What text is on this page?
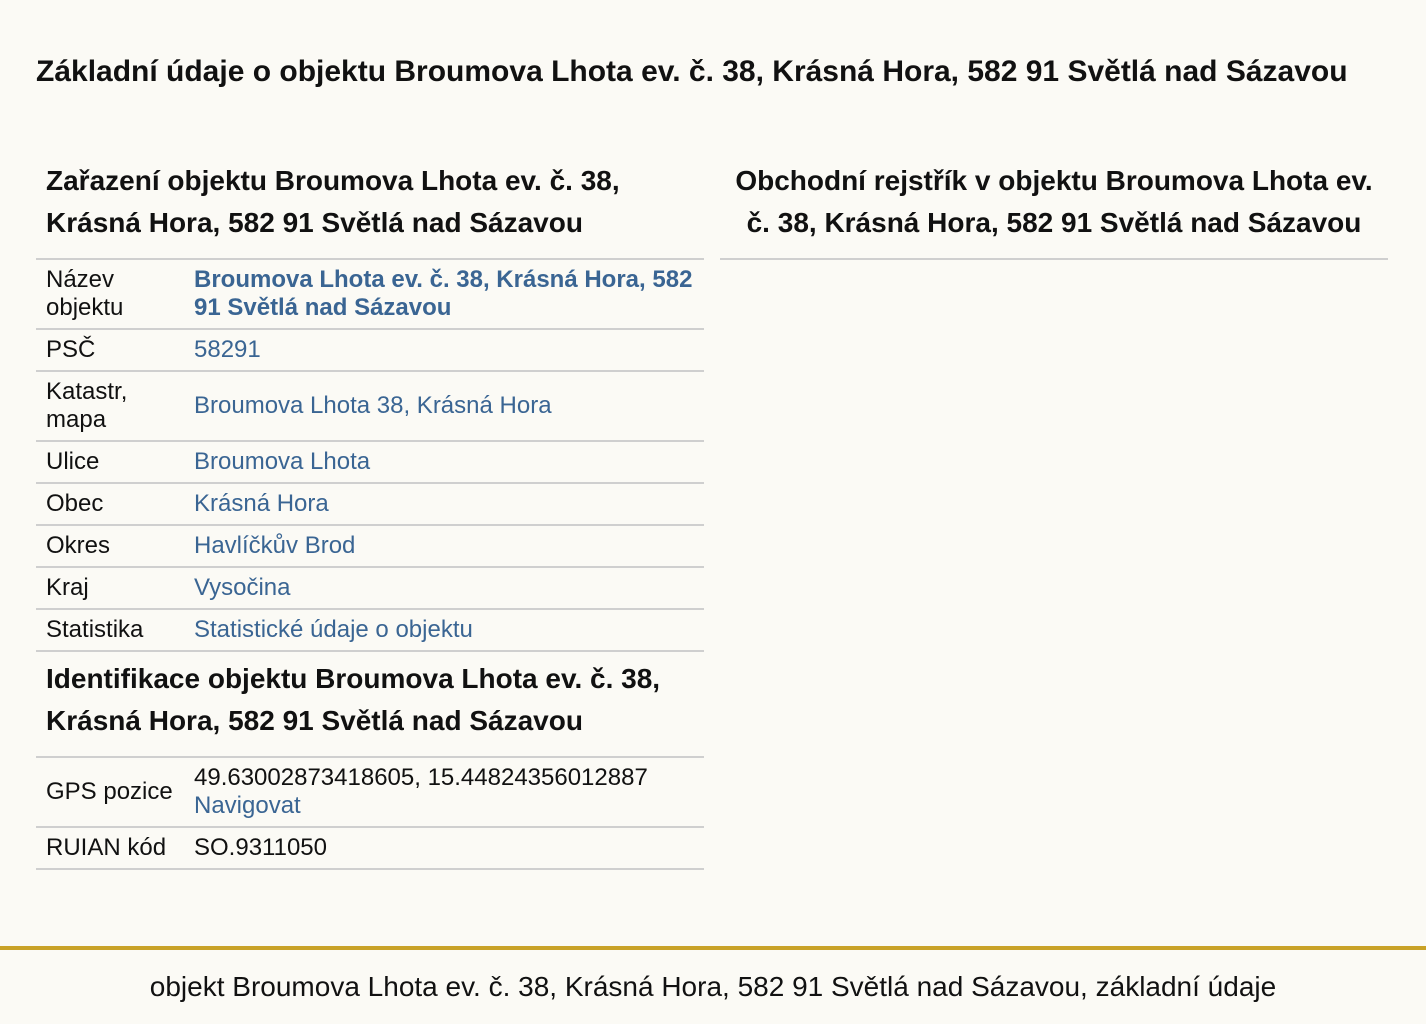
Základní údaje o objektu Broumova Lhota ev. č. 38, Krásná Hora, 582 91 Světlá nad Sázavou
Zařazení objektu Broumova Lhota ev. č. 38, Krásná Hora, 582 91 Světlá nad Sázavou
Název objektu	Broumova Lhota ev. č. 38, Krásná Hora, 582 91 Světlá nad Sázavou
PSČ	58291
Katastr, mapa	Broumova Lhota 38, Krásná Hora
Ulice	Broumova Lhota
Obec	Krásná Hora
Okres	Havlíčkův Brod
Kraj	Vysočina
Statistika	Statistické údaje o objektu
Identifikace objektu Broumova Lhota ev. č. 38, Krásná Hora, 582 91 Světlá nad Sázavou
GPS pozice	49.63002873418605, 15.44824356012887
Navigovat
RUIAN kód	SO.9311050
Obchodní rejstřík v objektu Broumova Lhota ev. č. 38, Krásná Hora, 582 91 Světlá nad Sázavou
objekt Broumova Lhota ev. č. 38, Krásná Hora, 582 91 Světlá nad Sázavou, základní údaje
